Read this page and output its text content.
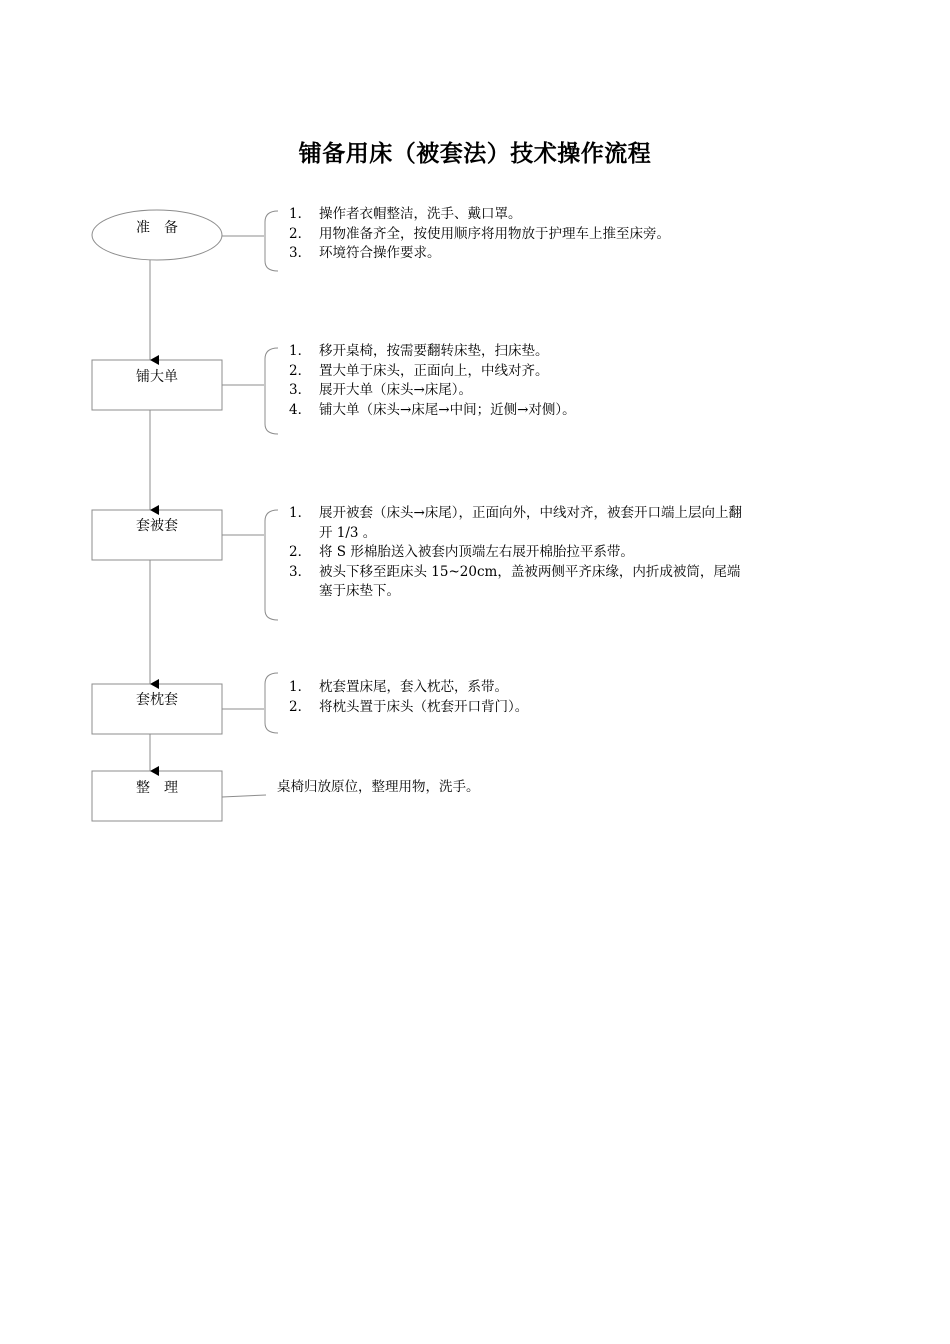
铺备用床（被套法）技术操作流程
准　备
铺大单
套被套
套枕套
整　理
1． 操作者衣帽整洁，洗手、戴口罩。
2． 用物准备齐全，按使用顺序将用物放于护理车上推至床旁。
3． 环境符合操作要求。
1． 移开桌椅，按需要翻转床垫，扫床垫。
2． 置大单于床头，正面向上，中线对齐。
3． 展开大单（床头→床尾）。
4． 铺大单（床头→床尾→中间；近侧→对侧）。
1． 展开被套（床头→床尾），正面向外，中线对齐，被套开口端上层向上翻开 1/3 。
2． 将 S 形棉胎送入被套内顶端左右展开棉胎拉平系带。
3． 被头下移至距床头 15~20cm，盖被两侧平齐床缘，内折成被筒，尾端塞于床垫下。
1． 枕套置床尾，套入枕芯，系带。
2． 将枕头置于床头（枕套开口背门）。
桌椅归放原位，整理用物，洗手。
